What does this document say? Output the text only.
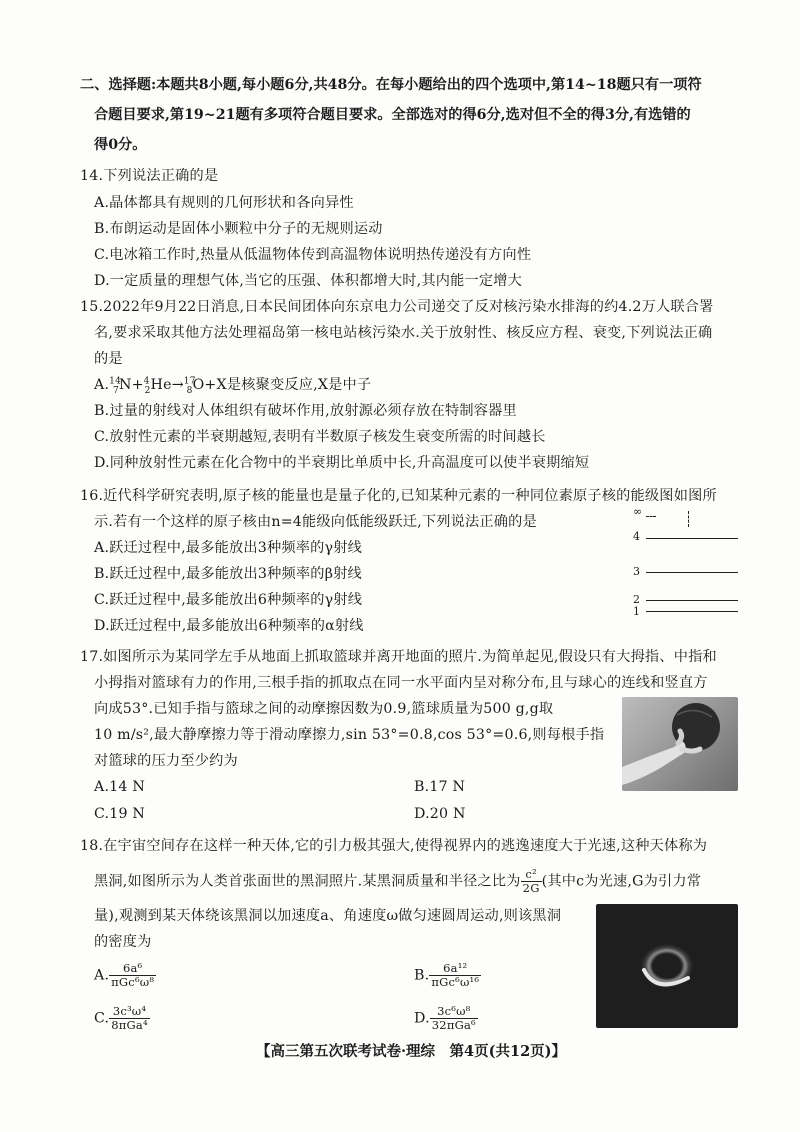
二、选择题:本题共8小题,每小题6分,共48分。在每小题给出的四个选项中,第14~18题只有一项符
合题目要求,第19~21题有多项符合题目要求。全部选对的得6分,选对但不全的得3分,有选错的
得0分。
14.下列说法正确的是
A.晶体都具有规则的几何形状和各向异性
B.布朗运动是固体小颗粒中分子的无规则运动
C.电冰箱工作时,热量从低温物体传到高温物体说明热传递没有方向性
D.一定质量的理想气体,当它的压强、体积都增大时,其内能一定增大
15.2022年9月22日消息,日本民间团体向东京电力公司递交了反对核污染水排海的约4.2万人联合署
名,要求采取其他方法处理福岛第一核电站核污染水.关于放射性、核反应方程、衰变,下列说法正确
的是
A.$^{14}_7$N+$^4_2$He→$^{17}_8$O+X是核聚变反应,X是中子
B.过量的射线对人体组织有破坏作用,放射源必须存放在特制容器里
C.放射性元素的半衰期越短,表明有半数原子核发生衰变所需的时间越长
D.同种放射性元素在化合物中的半衰期比单质中长,升高温度可以使半衰期缩短
16.近代科学研究表明,原子核的能量也是量子化的,已知某种元素的一种同位素原子核的能级图如图所
示.若有一个这样的原子核由n=4能级向低能级跃迁,下列说法正确的是
A.跃迁过程中,最多能放出3种频率的γ射线
B.跃迁过程中,最多能放出3种频率的β射线
C.跃迁过程中,最多能放出6种频率的γ射线
D.跃迁过程中,最多能放出6种频率的α射线
∞
4
3
2
1
17.如图所示为某同学左手从地面上抓取篮球并离开地面的照片.为简单起见,假设只有大拇指、中指和
小拇指对篮球有力的作用,三根手指的抓取点在同一水平面内呈对称分布,且与球心的连线和竖直方
向成53°.已知手指与篮球之间的动摩擦因数为0.9,篮球质量为500 g,g取
10 m/s²,最大静摩擦力等于滑动摩擦力,sin 53°=0.8,cos 53°=0.6,则每根手指
对篮球的压力至少约为
A.14 N	B.17 N
C.19 N	D.20 N
18.在宇宙空间存在这样一种天体,它的引力极其强大,使得视界内的逃逸速度大于光速,这种天体称为
黑洞,如图所示为人类首张面世的黑洞照片.某黑洞质量和半径之比为 $\frac{\text{c²}}{2G}$ (其中c为光速,G为引力常
量),观测到某天体绕该黑洞以加速度a、角速度ω做匀速圆周运动,则该黑洞
的密度为
A. $\frac{\text{6a⁶}}{\text{πGc⁶ω⁸}}$	B. $\frac{\text{6a¹²}}{\text{πGc⁶ω¹⁶}}$
C. $\frac{\text{3c³ω⁴}}{\text{8πGa⁴}}$	D. $\frac{\text{3c⁶ω⁸}}{\text{32πGa⁶}}$
【高三第五次联考试卷·理综　第4页(共12页)】
